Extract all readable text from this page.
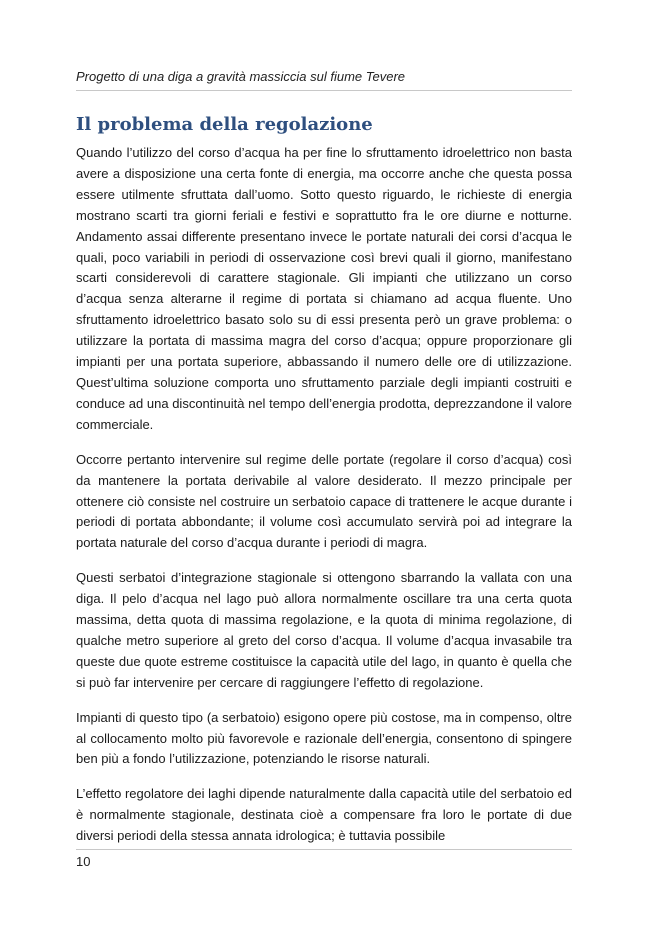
Progetto di una diga a gravità massiccia sul fiume Tevere
Il problema della regolazione

Quando l’utilizzo del corso d’acqua ha per fine lo sfruttamento idroelettrico non basta avere a disposizione una certa fonte di energia, ma occorre anche che questa possa essere utilmente sfruttata dall’uomo. Sotto questo riguardo, le richieste di energia mostrano scarti tra giorni feriali e festivi e soprattutto fra le ore diurne e notturne. Andamento assai differente presentano invece le portate naturali dei corsi d’acqua le quali, poco variabili in periodi di osservazione così brevi quali il giorno, manifestano scarti considerevoli di carattere stagionale. Gli impianti che utilizzano un corso d’acqua senza alterarne il regime di portata si chiamano ad acqua fluente. Uno sfruttamento idroelettrico basato solo su di essi presenta però un grave problema: o utilizzare la portata di massima magra del corso d’acqua; oppure proporzionare gli impianti per una portata superiore, abbassando il numero delle ore di utilizzazione. Quest’ultima soluzione comporta uno sfruttamento parziale degli impianti costruiti e conduce ad una discontinuità nel tempo dell’energia prodotta, deprezzandone il valore commerciale.

Occorre pertanto intervenire sul regime delle portate (regolare il corso d’acqua) così da mantenere la portata derivabile al valore desiderato. Il mezzo principale per ottenere ciò consiste nel costruire un serbatoio capace di trattenere le acque durante i periodi di portata abbondante; il volume così accumulato servirà poi ad integrare la portata naturale del corso d’acqua durante i periodi di magra.

Questi serbatoi d’integrazione stagionale si ottengono sbarrando la vallata con una diga. Il pelo d’acqua nel lago può allora normalmente oscillare tra una certa quota massima, detta quota di massima regolazione, e la quota di minima regolazione, di qualche metro superiore al greto del corso d’acqua. Il volume d’acqua invasabile tra queste due quote estreme costituisce la capacità utile del lago, in quanto è quella che si può far intervenire per cercare di raggiungere l’effetto di regolazione.

Impianti di questo tipo (a serbatoio) esigono opere più costose, ma in compenso, oltre al collocamento molto più favorevole e razionale dell’energia, consentono di spingere ben più a fondo l’utilizzazione, potenziando le risorse naturali.

L’effetto regolatore dei laghi dipende naturalmente dalla capacità utile del serbatoio ed è normalmente stagionale, destinata cioè a compensare fra loro le portate di due diversi periodi della stessa annata idrologica; è tuttavia possibile

10
